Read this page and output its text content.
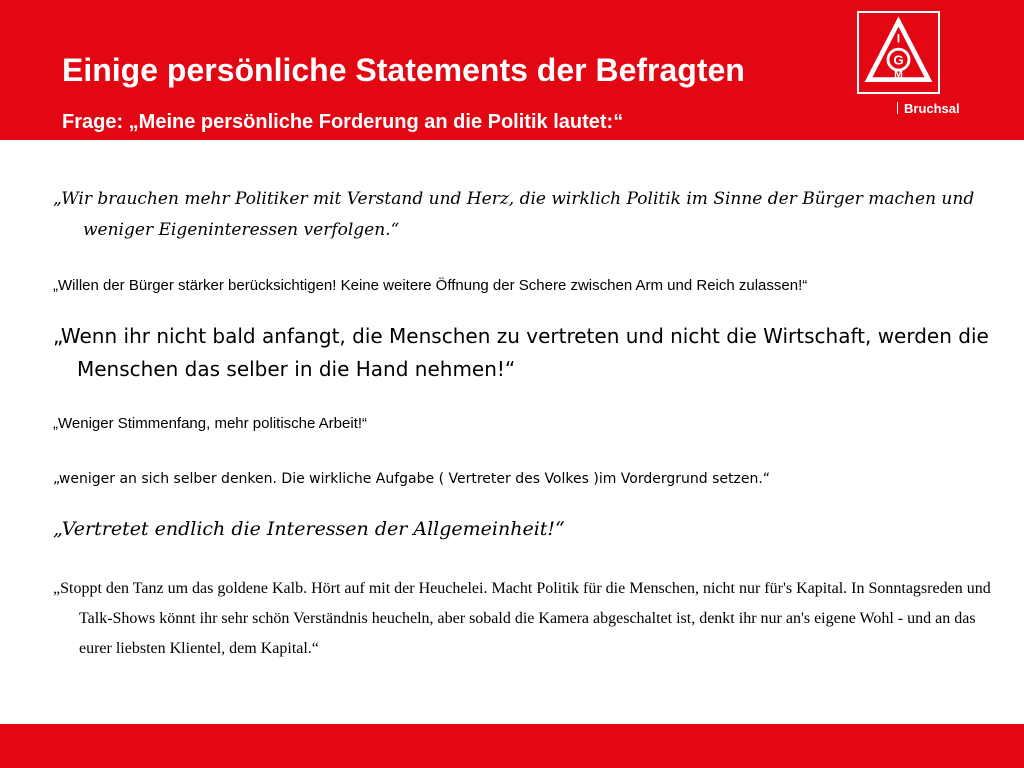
Einige persönliche Statements der Befragten
Frage: „Meine persönliche Forderung an die Politik lautet:“
I
G
M
Bruchsal
„Wir brauchen mehr Politiker mit Verstand und Herz, die wirklich Politik im Sinne der Bürger machen und weniger Eigeninteressen verfolgen.“
„Willen der Bürger stärker berücksichtigen! Keine weitere Öffnung der Schere zwischen Arm und Reich zulassen!“
„Wenn ihr nicht bald anfangt, die Menschen zu vertreten und nicht die Wirtschaft, werden die Menschen das selber in die Hand nehmen!“
„Weniger Stimmenfang, mehr politische Arbeit!“
„weniger an sich selber denken. Die wirkliche Aufgabe ( Vertreter des Volkes )im Vordergrund setzen.“
„Vertretet endlich die Interessen der Allgemeinheit!“
„Stoppt den Tanz um das goldene Kalb. Hört auf mit der Heuchelei. Macht Politik für die Menschen, nicht nur für's Kapital. In Sonntagsreden und Talk-Shows könnt ihr sehr schön Verständnis heucheln, aber sobald die Kamera abgeschaltet ist, denkt ihr nur an's eigene Wohl - und an das eurer liebsten Klientel, dem Kapital.“
